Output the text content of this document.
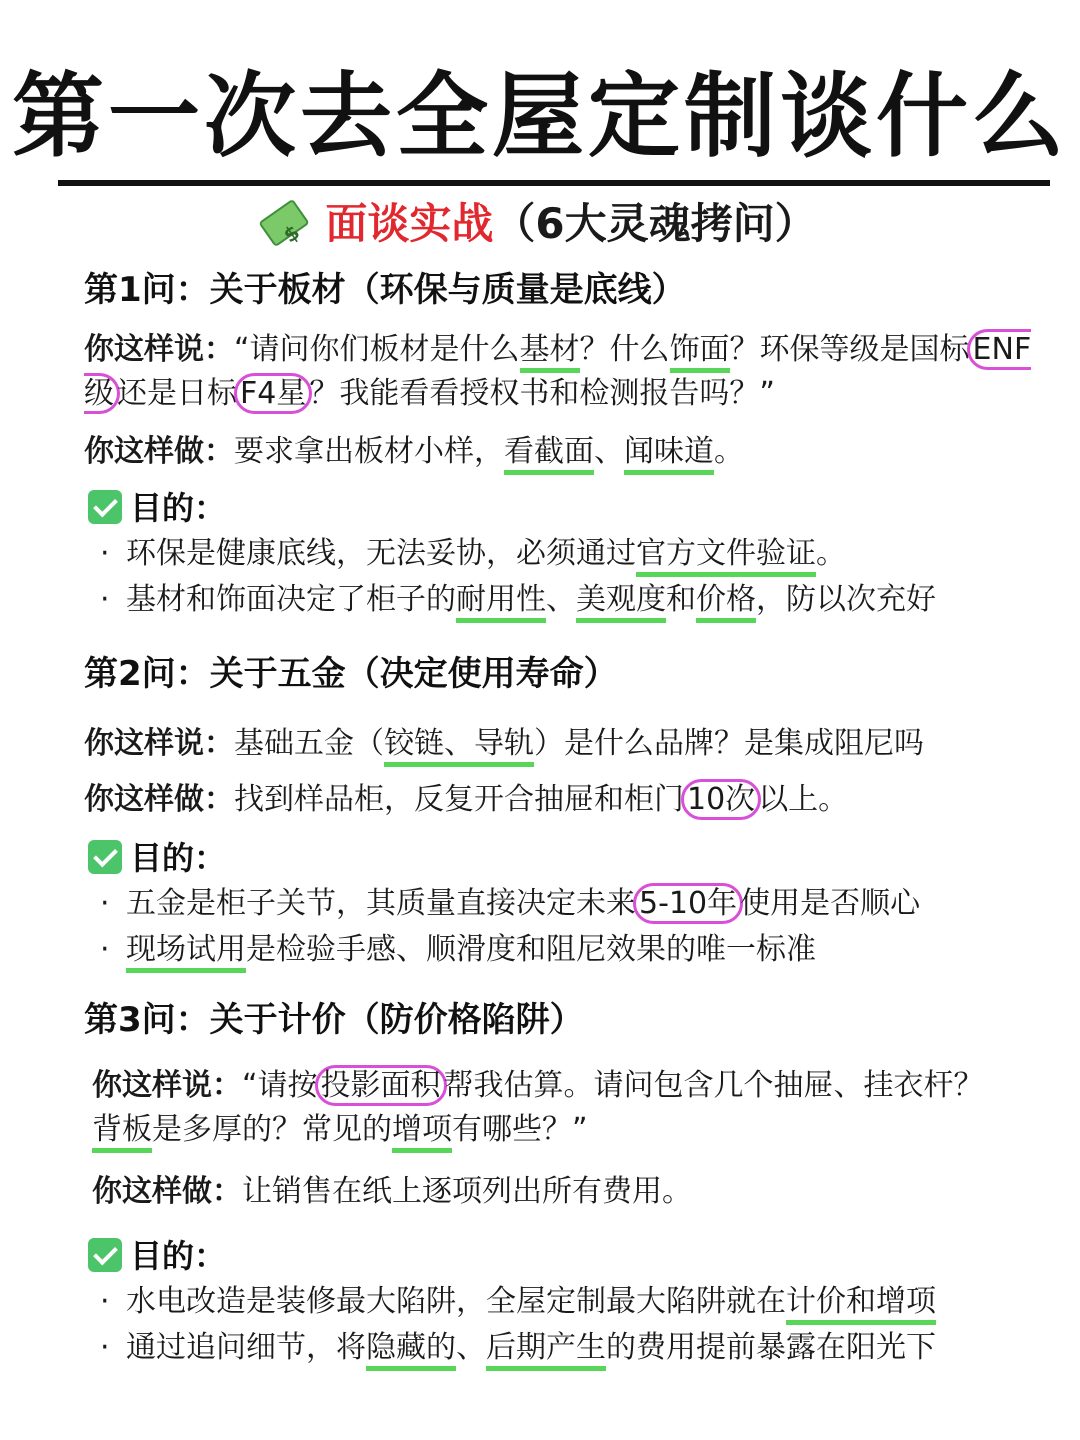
第一次去全屋定制谈什么
$面谈实战（6大灵魂拷问）
第1问：关于板材（环保与质量是底线）
你这样说：“请问你们板材是什么基材？什么饰面？环保等级是国标 ENF级 还是日标 F4星 ？我能看看授权书和检测报告吗？”
你这样做：要求拿出板材小样，看截面、闻味道。
目的：
· 环保是健康底线，无法妥协，必须通过官方文件验证。
· 基材和饰面决定了柜子的耐用性、美观度和价格，防以次充好
第2问：关于五金（决定使用寿命）
你这样说：基础五金（铰链、导轨）是什么品牌？是集成阻尼吗
你这样做：找到样品柜，反复开合抽屉和柜门 10次 以上。
目的：
· 五金是柜子关节，其质量直接决定未来 5-10年 使用是否顺心
· 现场试用是检验手感、顺滑度和阻尼效果的唯一标准
第3问：关于计价（防价格陷阱）
你这样说：“请按 投影面积 帮我估算。请问包含几个抽屉、挂衣杆？背板是多厚的？常见的增项有哪些？”
你这样做：让销售在纸上逐项列出所有费用。
目的：
· 水电改造是装修最大陷阱，全屋定制最大陷阱就在计价和增项
· 通过追问细节，将隐藏的、后期产生的费用提前暴露在阳光下
